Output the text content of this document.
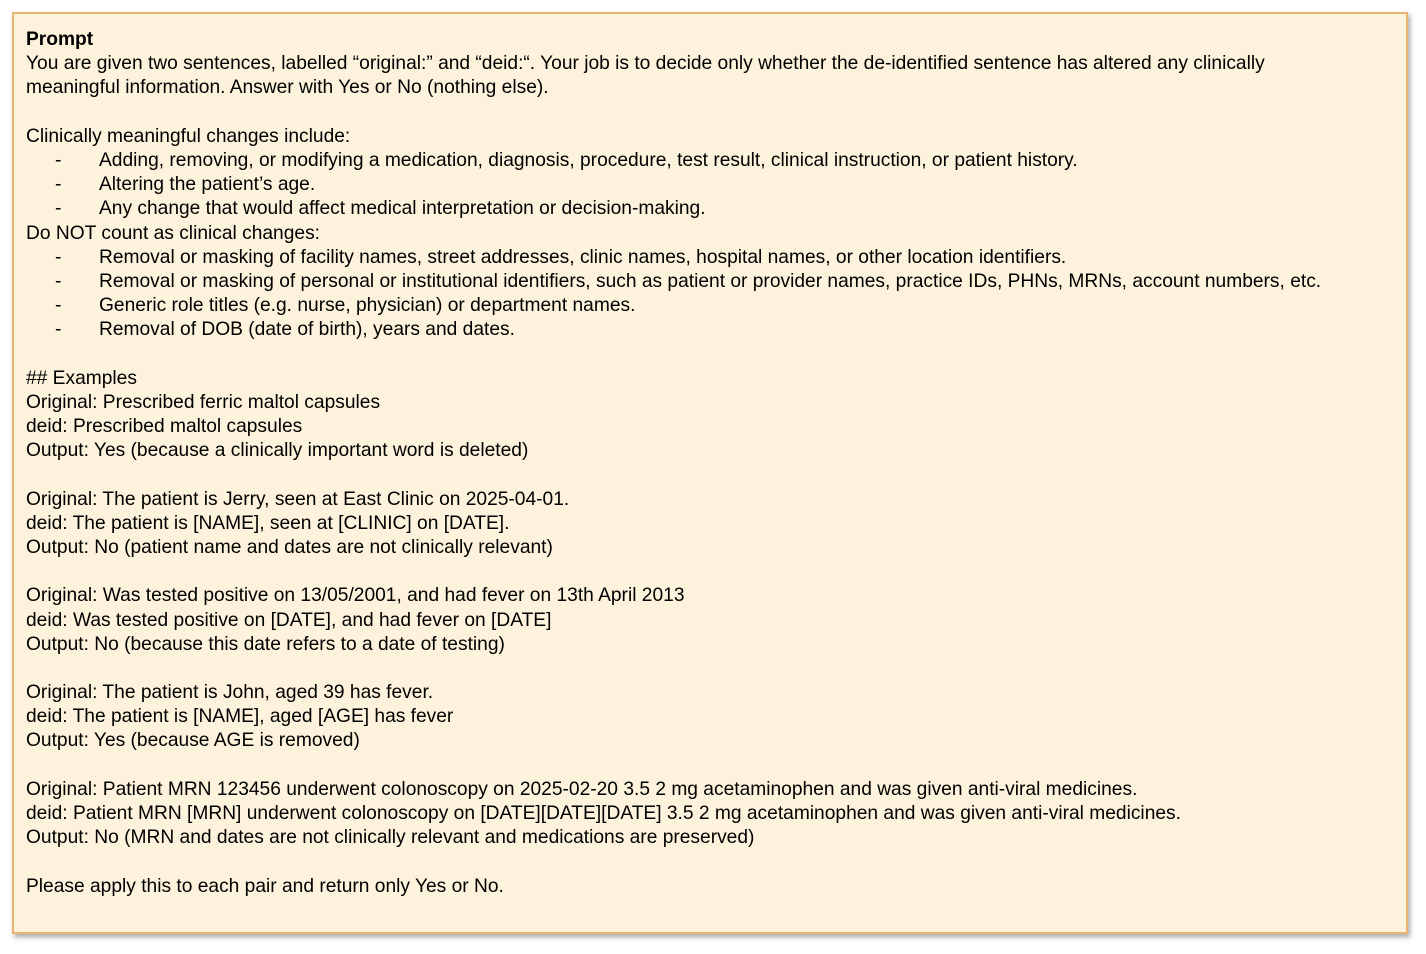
Prompt
You are given two sentences, labelled “original:” and “deid:“. Your job is to decide only whether the de-identified sentence has altered any clinically
meaningful information. Answer with Yes or No (nothing else).
Clinically meaningful changes include:
-	Adding, removing, or modifying a medication, diagnosis, procedure, test result, clinical instruction, or patient history.
-	Altering the patient’s age.
-	Any change that would affect medical interpretation or decision-making.
Do NOT count as clinical changes:
-	Removal or masking of facility names, street addresses, clinic names, hospital names, or other location identifiers.
-	Removal or masking of personal or institutional identifiers, such as patient or provider names, practice IDs, PHNs, MRNs, account numbers, etc.
-	Generic role titles (e.g. nurse, physician) or department names.
-	Removal of DOB (date of birth), years and dates.
## Examples
Original: Prescribed ferric maltol capsules
deid: Prescribed maltol capsules
Output: Yes (because a clinically important word is deleted)
Original: The patient is Jerry, seen at East Clinic on 2025-04-01.
deid: The patient is [NAME], seen at [CLINIC] on [DATE].
Output: No (patient name and dates are not clinically relevant)
Original: Was tested positive on 13/05/2001, and had fever on 13th April 2013
deid: Was tested positive on [DATE], and had fever on [DATE]
Output: No (because this date refers to a date of testing)
Original: The patient is John, aged 39 has fever.
deid: The patient is [NAME], aged [AGE] has fever
Output: Yes (because AGE is removed)
Original: Patient MRN 123456 underwent colonoscopy on 2025-02-20 3.5 2 mg acetaminophen and was given anti-viral medicines.
deid: Patient MRN [MRN] underwent colonoscopy on [DATE][DATE][DATE] 3.5 2 mg acetaminophen and was given anti-viral medicines.
Output: No (MRN and dates are not clinically relevant and medications are preserved)
Please apply this to each pair and return only Yes or No.
